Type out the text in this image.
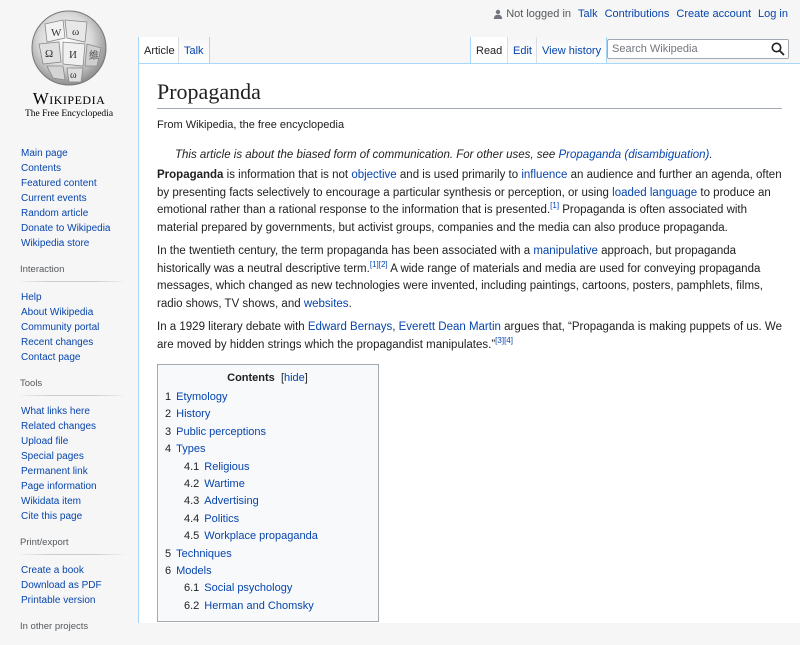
W ω
Ω И 維
ω
Wikipedia
The Free Encyclopedia
Not logged in Talk Contributions Create account Log in
Article Talk	Read Edit View history
Search Wikipedia
Main page
Contents
Featured content
Current events
Random article
Donate to Wikipedia
Wikipedia store
Interaction
Help
About Wikipedia
Community portal
Recent changes
Contact page
Tools
What links here
Related changes
Upload file
Special pages
Permanent link
Page information
Wikidata item
Cite this page
Print/export
Create a book
Download as PDF
Printable version
In other projects
Propaganda
From Wikipedia, the free encyclopedia
This article is about the biased form of communication. For other uses, see Propaganda (disambiguation).

Propaganda is information that is not objective and is used primarily to influence an audience and further an agenda, often by presenting facts selectively to encourage a particular synthesis or perception, or using loaded language to produce an emotional rather than a rational response to the information that is presented.[1] Propaganda is often associated with material prepared by governments, but activist groups, companies and the media can also produce propaganda.

In the twentieth century, the term propaganda has been associated with a manipulative approach, but propaganda historically was a neutral descriptive term.[1][2] A wide range of materials and media are used for conveying propaganda messages, which changed as new technologies were invented, including paintings, cartoons, posters, pamphlets, films, radio shows, TV shows, and websites.

In a 1929 literary debate with Edward Bernays, Everett Dean Martin argues that, “Propaganda is making puppets of us. We are moved by hidden strings which the propagandist manipulates.”[3][4]

Contents [hide]
1 Etymology
2 History
3 Public perceptions
4 Types
4.1 Religious
4.2 Wartime
4.3 Advertising
4.4 Politics
4.5 Workplace propaganda
5 Techniques
6 Models
6.1 Social psychology
6.2 Herman and Chomsky
